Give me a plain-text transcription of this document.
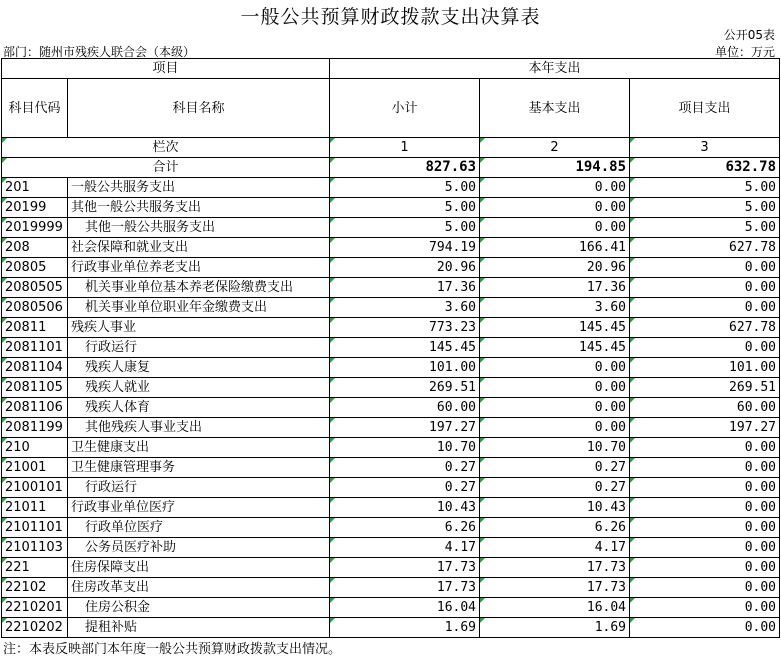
一般公共预算财政拨款支出决算表
公开05表
部门：随州市残疾人联合会（本级）	单位：万元
项目		本年支出		
科目代码	科目名称	小计	基本支出	项目支出
栏次		1	2	3
合计		827.63	194.85	632.78
201	一般公共服务支出	5.00	0.00	5.00
20199	其他一般公共服务支出	5.00	0.00	5.00
2019999	其他一般公共服务支出	5.00	0.00	5.00
208	社会保障和就业支出	794.19	166.41	627.78
20805	行政事业单位养老支出	20.96	20.96	0.00
2080505	机关事业单位基本养老保险缴费支出	17.36	17.36	0.00
2080506	机关事业单位职业年金缴费支出	3.60	3.60	0.00
20811	残疾人事业	773.23	145.45	627.78
2081101	行政运行	145.45	145.45	0.00
2081104	残疾人康复	101.00	0.00	101.00
2081105	残疾人就业	269.51	0.00	269.51
2081106	残疾人体育	60.00	0.00	60.00
2081199	其他残疾人事业支出	197.27	0.00	197.27
210	卫生健康支出	10.70	10.70	0.00
21001	卫生健康管理事务	0.27	0.27	0.00
2100101	行政运行	0.27	0.27	0.00
21011	行政事业单位医疗	10.43	10.43	0.00
2101101	行政单位医疗	6.26	6.26	0.00
2101103	公务员医疗补助	4.17	4.17	0.00
221	住房保障支出	17.73	17.73	0.00
22102	住房改革支出	17.73	17.73	0.00
2210201	住房公积金	16.04	16.04	0.00
2210202	提租补贴	1.69	1.69	0.00
注：本表反映部门本年度一般公共预算财政拨款支出情况。
